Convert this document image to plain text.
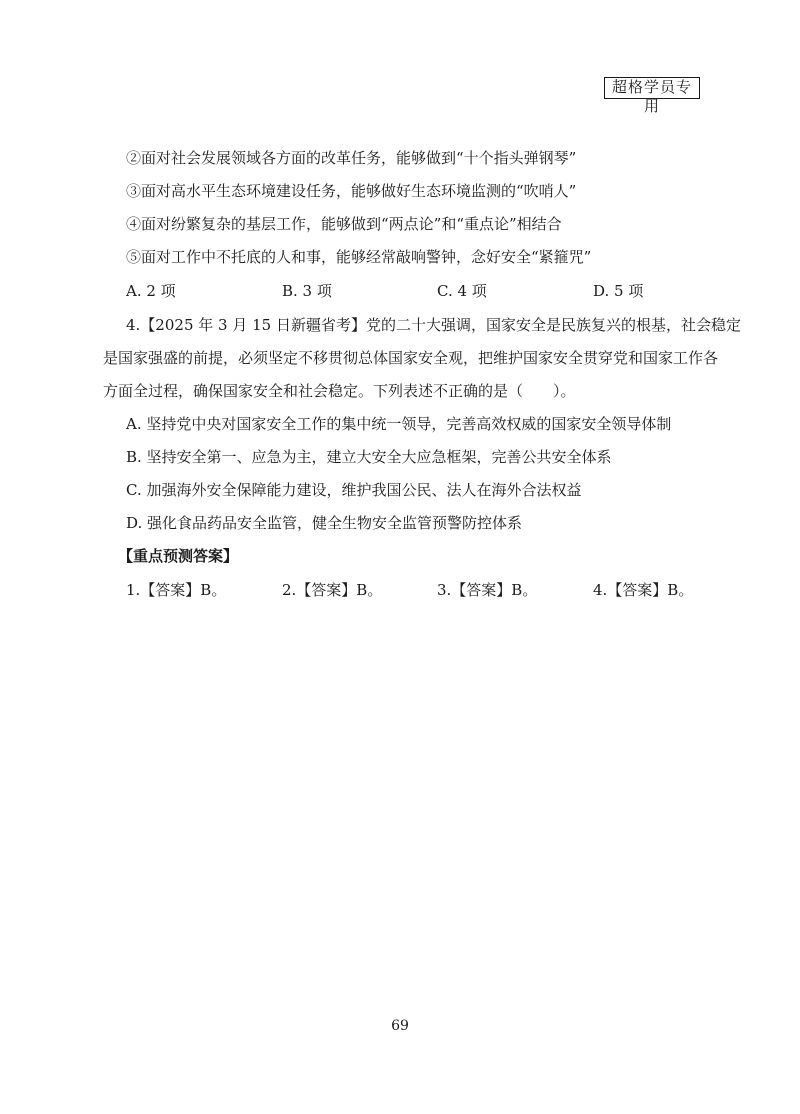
超格学员专用
②面对社会发展领域各方面的改革任务，能够做到“十个指头弹钢琴”
③面对高水平生态环境建设任务，能够做好生态环境监测的“吹哨人”
④面对纷繁复杂的基层工作，能够做到“两点论”和“重点论”相结合
⑤面对工作中不托底的人和事，能够经常敲响警钟，念好安全“紧箍咒”
A. 2 项	B. 3 项	C. 4 项	D. 5 项
4.【2025 年 3 月 15 日新疆省考】党的二十大强调，国家安全是民族复兴的根基，社会稳定
是国家强盛的前提，必须坚定不移贯彻总体国家安全观，把维护国家安全贯穿党和国家工作各
方面全过程，确保国家安全和社会稳定。下列表述不正确的是（　　）。
A. 坚持党中央对国家安全工作的集中统一领导，完善高效权威的国家安全领导体制
B. 坚持安全第一、应急为主，建立大安全大应急框架，完善公共安全体系
C. 加强海外安全保障能力建设，维护我国公民、法人在海外合法权益
D. 强化食品药品安全监管，健全生物安全监管预警防控体系
【重点预测答案】
1.【答案】B。	2.【答案】B。	3.【答案】B。	4.【答案】B。
69
